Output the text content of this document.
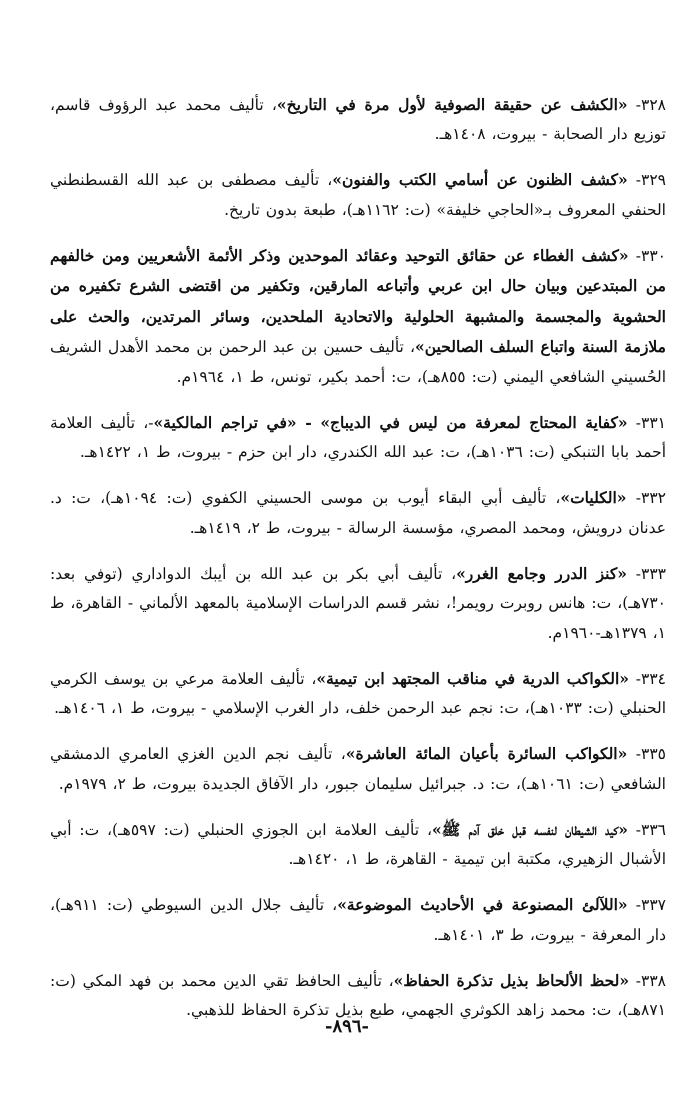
٣٢٨- «الكشف عن حقيقة الصوفية لأول مرة في التاريخ»، تأليف محمد عبد الرؤوف قاسم، توزيع دار الصحابة - بيروت، ١٤٠٨هـ.

٣٢٩- «كشف الظنون عن أسامي الكتب والفنون»، تأليف مصطفى بن عبد الله القسطنطني الحنفي المعروف بـ«الحاجي خليفة» (ت: ١١٦٢هـ)، طبعة بدون تاريخ.

٣٣٠- «كشف الغطاء عن حقائق التوحيد وعقائد الموحدين وذكر الأئمة الأشعريين ومن خالفهم من المبتدعين وبيان حال ابن عربي وأتباعه المارقين، وتكفير من اقتضى الشرع تكفيره من الحشوية والمجسمة والمشبهة الحلولية والاتحادية الملحدين، وسائر المرتدين، والحث على ملازمة السنة واتباع السلف الصالحين»، تأليف حسين بن عبد الرحمن بن محمد الأهدل الشريف الحُسيني الشافعي اليمني (ت: ٨٥٥هـ)، ت: أحمد بكير، تونس، ط ١، ١٩٦٤م.

٣٣١- «كفاية المحتاج لمعرفة من ليس في الديباج» - «في تراجم المالكية»-، تأليف العلامة أحمد بابا التنبكي (ت: ١٠٣٦هـ)، ت: عبد الله الكندري، دار ابن حزم - بيروت، ط ١، ١٤٢٢هـ.

٣٣٢- «الكليات»، تأليف أبي البقاء أيوب بن موسى الحسيني الكفوي (ت: ١٠٩٤هـ)، ت: د. عدنان درويش، ومحمد المصري، مؤسسة الرسالة - بيروت، ط ٢، ١٤١٩هـ.

٣٣٣- «كنز الدرر وجامع الغرر»، تأليف أبي بكر بن عبد الله بن أيبك الدواداري (توفي بعد: ٧٣٠هـ)، ت: هانس روبرت رويمر!، نشر قسم الدراسات الإسلامية بالمعهد الألماني - القاهرة، ط ١، ١٣٧٩هـ-١٩٦٠م.

٣٣٤- «الكواكب الدرية في مناقب المجتهد ابن تيمية»، تأليف العلامة مرعي بن يوسف الكرمي الحنبلي (ت: ١٠٣٣هـ)، ت: نجم عبد الرحمن خلف، دار الغرب الإسلامي - بيروت، ط ١، ١٤٠٦هـ.

٣٣٥- «الكواكب السائرة بأعيان المائة العاشرة»، تأليف نجم الدين الغزي العامري الدمشقي الشافعي (ت: ١٠٦١هـ)، ت: د. جبرائيل سليمان جبور، دار الآفاق الجديدة بيروت، ط ٢، ١٩٧٩م.

٣٣٦- «كيد الشيطان لنفسه قبل خلق آدم ﷺ»، تأليف العلامة ابن الجوزي الحنبلي (ت: ٥٩٧هـ)، ت: أبي الأشبال الزهيري، مكتبة ابن تيمية - القاهرة، ط ١، ١٤٢٠هـ.

٣٣٧- «اللآلئ المصنوعة في الأحاديث الموضوعة»، تأليف جلال الدين السيوطي (ت: ٩١١هـ)، دار المعرفة - بيروت، ط ٣، ١٤٠١هـ.

٣٣٨- «لحظ الألحاظ بذيل تذكرة الحفاظ»، تأليف الحافظ تقي الدين محمد بن فهد المكي (ت: ٨٧١هـ)، ت: محمد زاهد الكوثري الجهمي، طبع بذيل تذكرة الحفاظ للذهبي.

-٨٩٦-
